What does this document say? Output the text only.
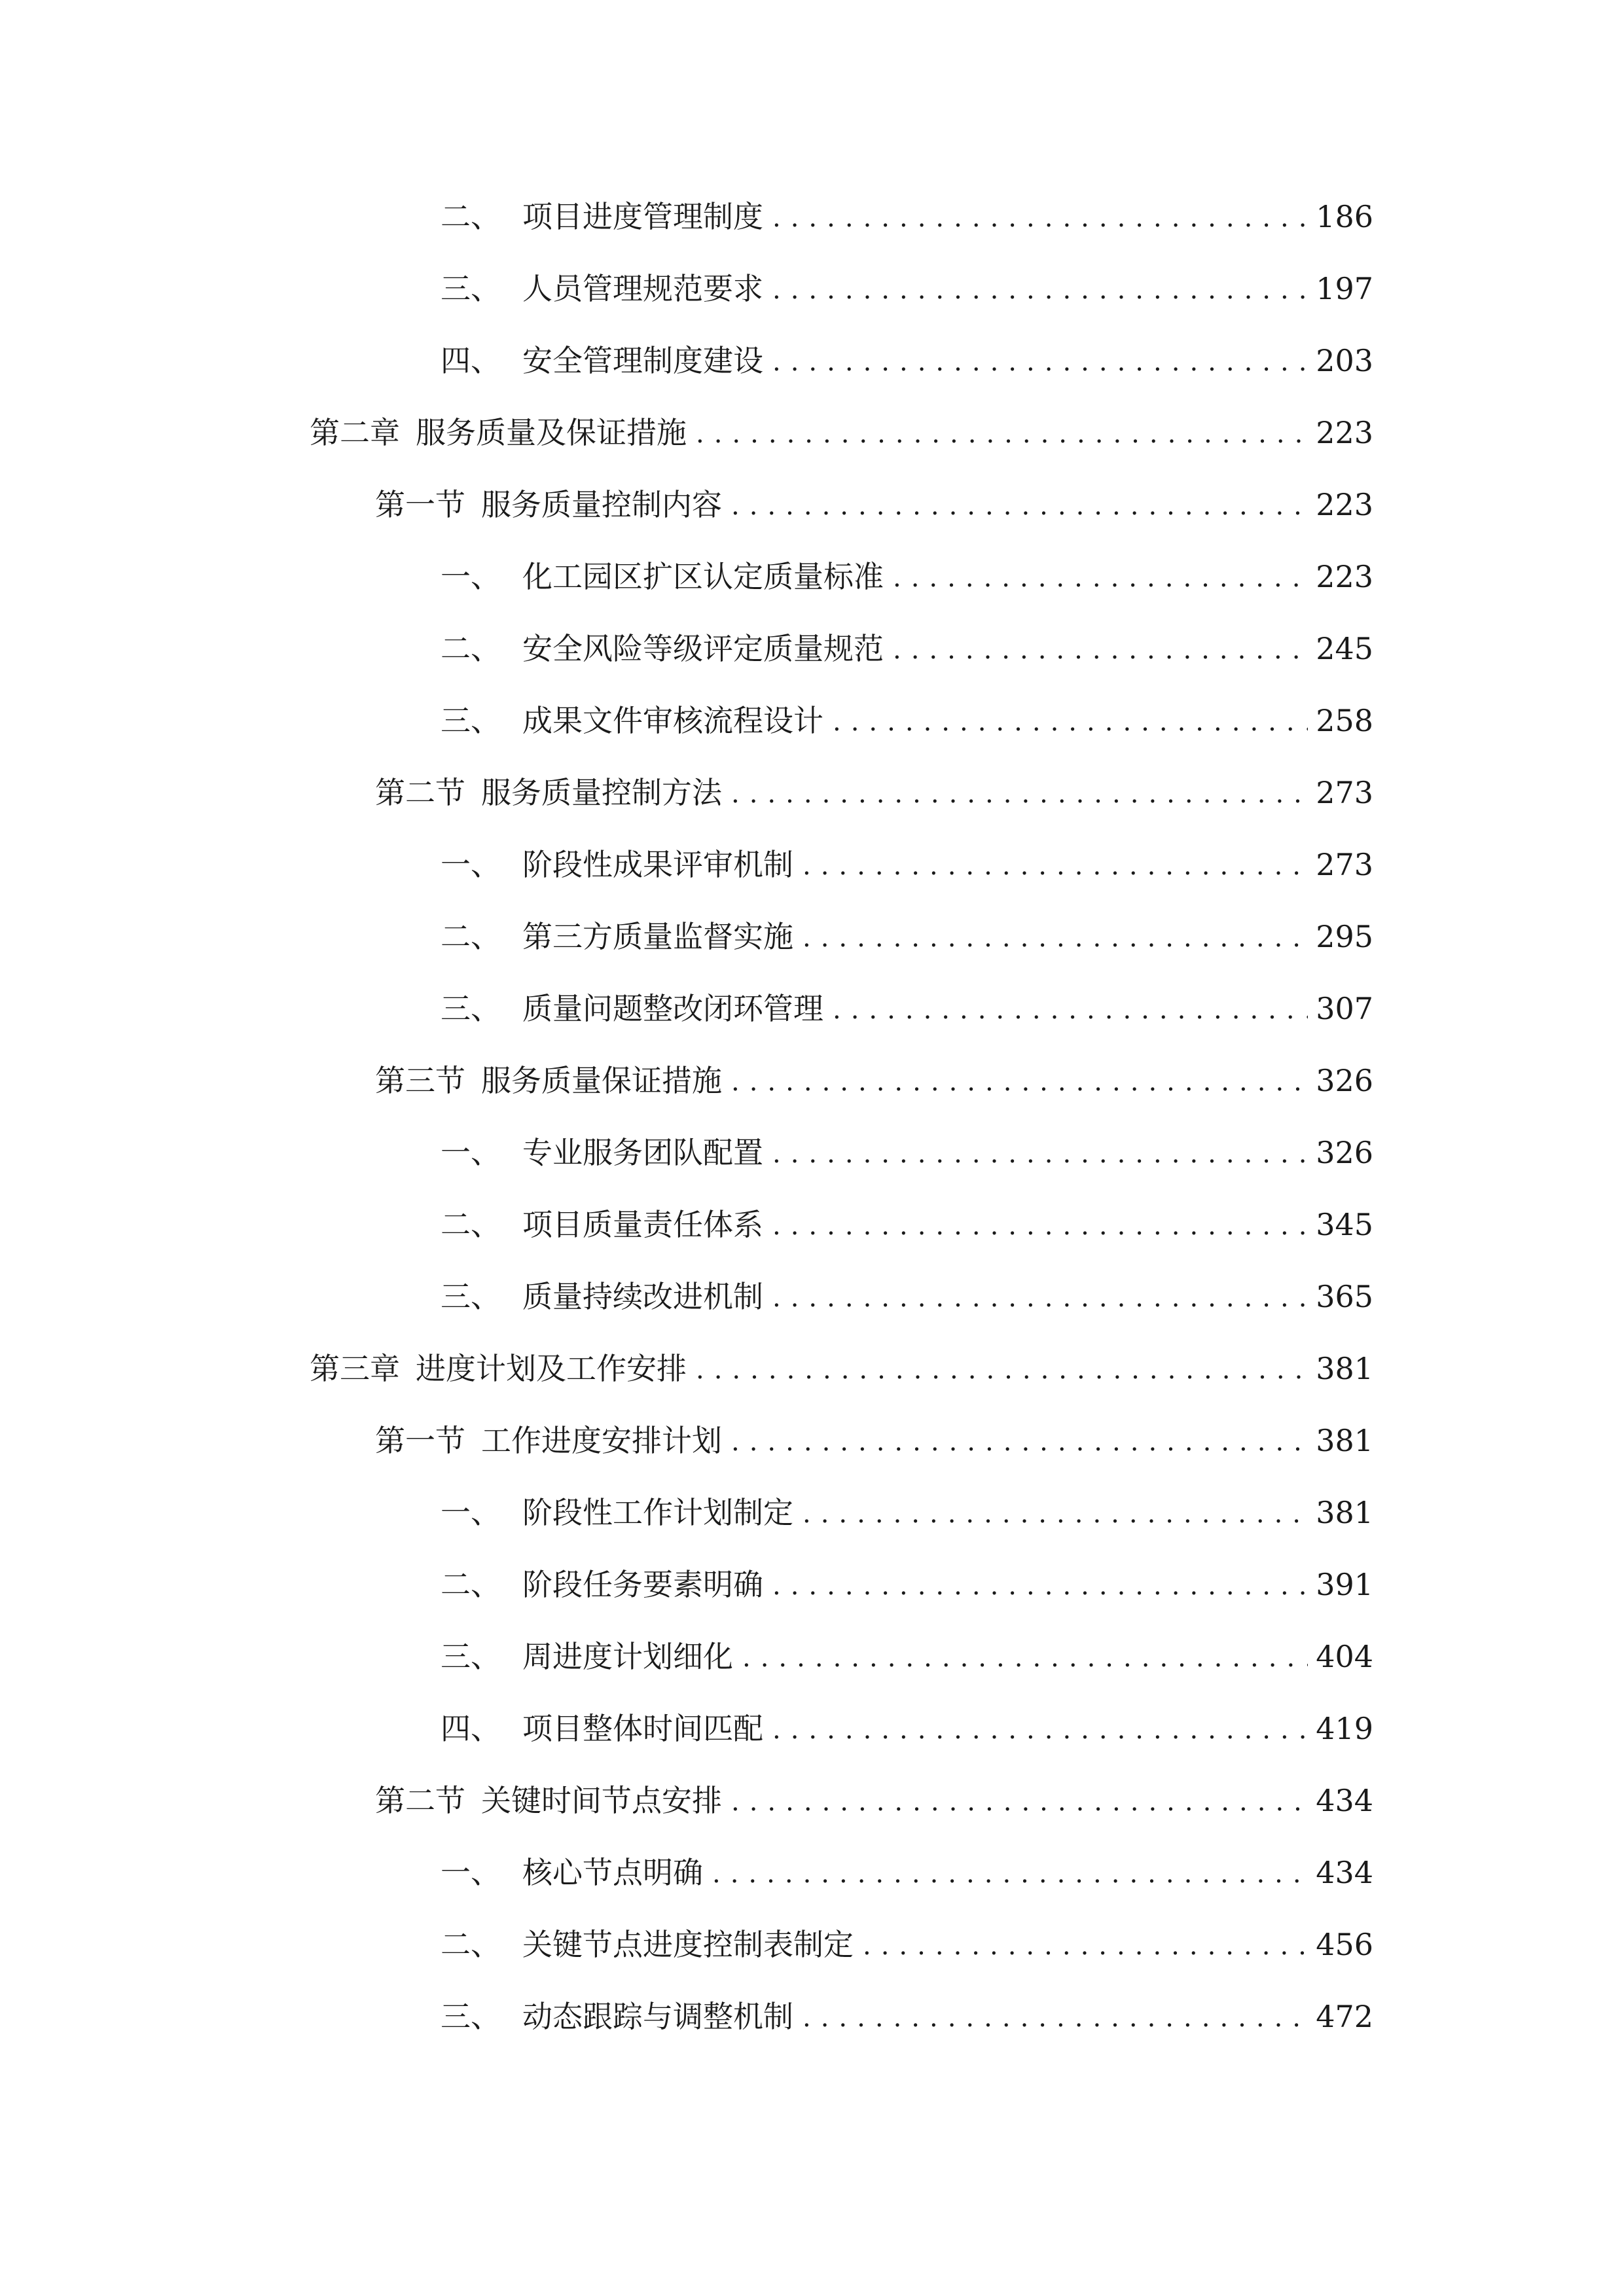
二、 项目进度管理制度 .....	186
三、 人员管理规范要求 .....	197
四、 安全管理制度建设 .....	203
第二章 服务质量及保证措施 .....	223
第一节 服务质量控制内容 .....	223
一、 化工园区扩区认定质量标准 .....	223
二、 安全风险等级评定质量规范 .....	245
三、 成果文件审核流程设计 .....	258
第二节 服务质量控制方法 .....	273
一、 阶段性成果评审机制 .....	273
二、 第三方质量监督实施 .....	295
三、 质量问题整改闭环管理 .....	307
第三节 服务质量保证措施 .....	326
一、 专业服务团队配置 .....	326
二、 项目质量责任体系 .....	345
三、 质量持续改进机制 .....	365
第三章 进度计划及工作安排 .....	381
第一节 工作进度安排计划 .....	381
一、 阶段性工作计划制定 .....	381
二、 阶段任务要素明确 .....	391
三、 周进度计划细化 .....	404
四、 项目整体时间匹配 .....	419
第二节 关键时间节点安排 .....	434
一、 核心节点明确 .....	434
二、 关键节点进度控制表制定 .....	456
三、 动态跟踪与调整机制 .....	472
